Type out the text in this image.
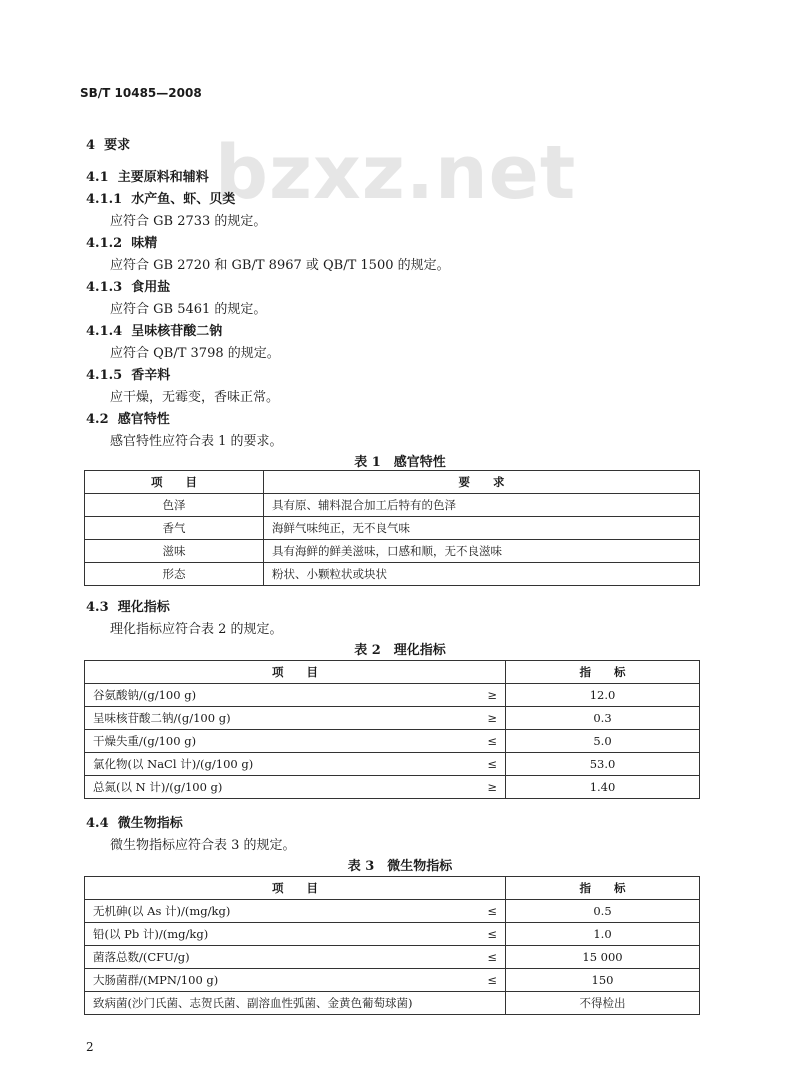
SB/T 10485—2008
bzxz.net
4 要求
4.1 主要原料和辅料
4.1.1 水产鱼、虾、贝类
应符合 GB 2733 的规定。
4.1.2 味精
应符合 GB 2720 和 GB/T 8967 或 QB/T 1500 的规定。
4.1.3 食用盐
应符合 GB 5461 的规定。
4.1.4 呈味核苷酸二钠
应符合 QB/T 3798 的规定。
4.1.5 香辛料
应干燥，无霉变，香味正常。
4.2 感官特性
感官特性应符合表 1 的要求。
表 1　感官特性
项　　目	要　　求
色泽	具有原、辅料混合加工后特有的色泽
香气	海鲜气味纯正，无不良气味
滋味	具有海鲜的鲜美滋味，口感和顺，无不良滋味
形态	粉状、小颗粒状或块状
4.3 理化指标
理化指标应符合表 2 的规定。
表 2　理化指标
项　　目	指　　标

谷氨酸钠/(g/100 g) ≥	12.0

呈味核苷酸二钠/(g/100 g) ≥	0.3

干燥失重/(g/100 g) ≤	5.0

氯化物(以 NaCl 计)/(g/100 g) ≤	53.0

总氮(以 N 计)/(g/100 g) ≥	1.40
4.4 微生物指标
微生物指标应符合表 3 的规定。
表 3　微生物指标
项　　目	指　　标

无机砷(以 As 计)/(mg/kg) ≤	0.5

铅(以 Pb 计)/(mg/kg) ≤	1.0

菌落总数/(CFU/g) ≤	15 000

大肠菌群/(MPN/100 g) ≤	150

致病菌(沙门氏菌、志贺氏菌、副溶血性弧菌、金黄色葡萄球菌)	不得检出
2
